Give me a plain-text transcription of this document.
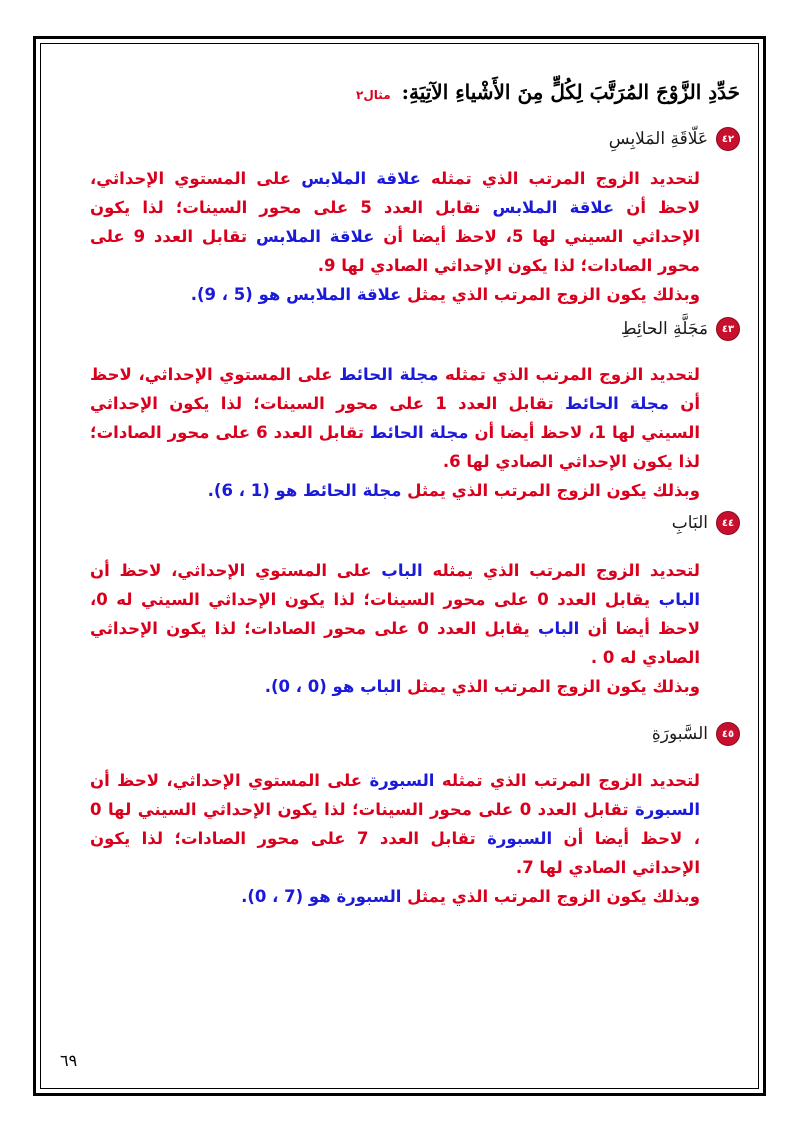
حَدِّدِ الزَّوْجَ المُرَتَّبَ لِكُلٍّ مِنَ الأَشْياءِ الآتِيَةِ: مثال٢
٤٢
عَلّاقَةِ المَلابِسِ

لتحديد الزوج المرتب الذي تمثله علاقة الملابس على المستوي الإحداثي، لاحظ أن علاقة الملابس تقابل العدد 5 على محور السينات؛ لذا يكون الإحداثي السيني لها 5، لاحظ أيضا أن علاقة الملابس تقابل العدد 9 على محور الصادات؛ لذا يكون الإحداثي الصادي لها 9.
وبذلك يكون الزوج المرتب الذي يمثل علاقة الملابس هو (5 ، 9).

٤٣
مَجَلَّةِ الحائِطِ

لتحديد الزوج المرتب الذي تمثله مجلة الحائط على المستوي الإحداثي، لاحظ أن مجلة الحائط تقابل العدد 1 على محور السينات؛ لذا يكون الإحداثي السيني لها 1، لاحظ أيضا أن مجلة الحائط تقابل العدد 6 على محور الصادات؛ لذا يكون الإحداثي الصادي لها 6.
وبذلك يكون الزوج المرتب الذي يمثل مجلة الحائط هو (1 ، 6).

٤٤
البَابِ

لتحديد الزوج المرتب الذي يمثله الباب على المستوي الإحداثي، لاحظ أن الباب يقابل العدد 0 على محور السينات؛ لذا يكون الإحداثي السيني له 0، لاحظ أيضا أن الباب يقابل العدد 0 على محور الصادات؛ لذا يكون الإحداثي الصادي له 0 .
وبذلك يكون الزوج المرتب الذي يمثل الباب هو (0 ، 0).

٤٥
السَّبورَةِ

لتحديد الزوج المرتب الذي تمثله السبورة على المستوي الإحداثي، لاحظ أن السبورة تقابل العدد 0 على محور السينات؛ لذا يكون الإحداثي السيني لها 0 ، لاحظ أيضا أن السبورة تقابل العدد 7 على محور الصادات؛ لذا يكون الإحداثي الصادي لها 7.
وبذلك يكون الزوج المرتب الذي يمثل السبورة هو (7 ، 0).

٦٩
